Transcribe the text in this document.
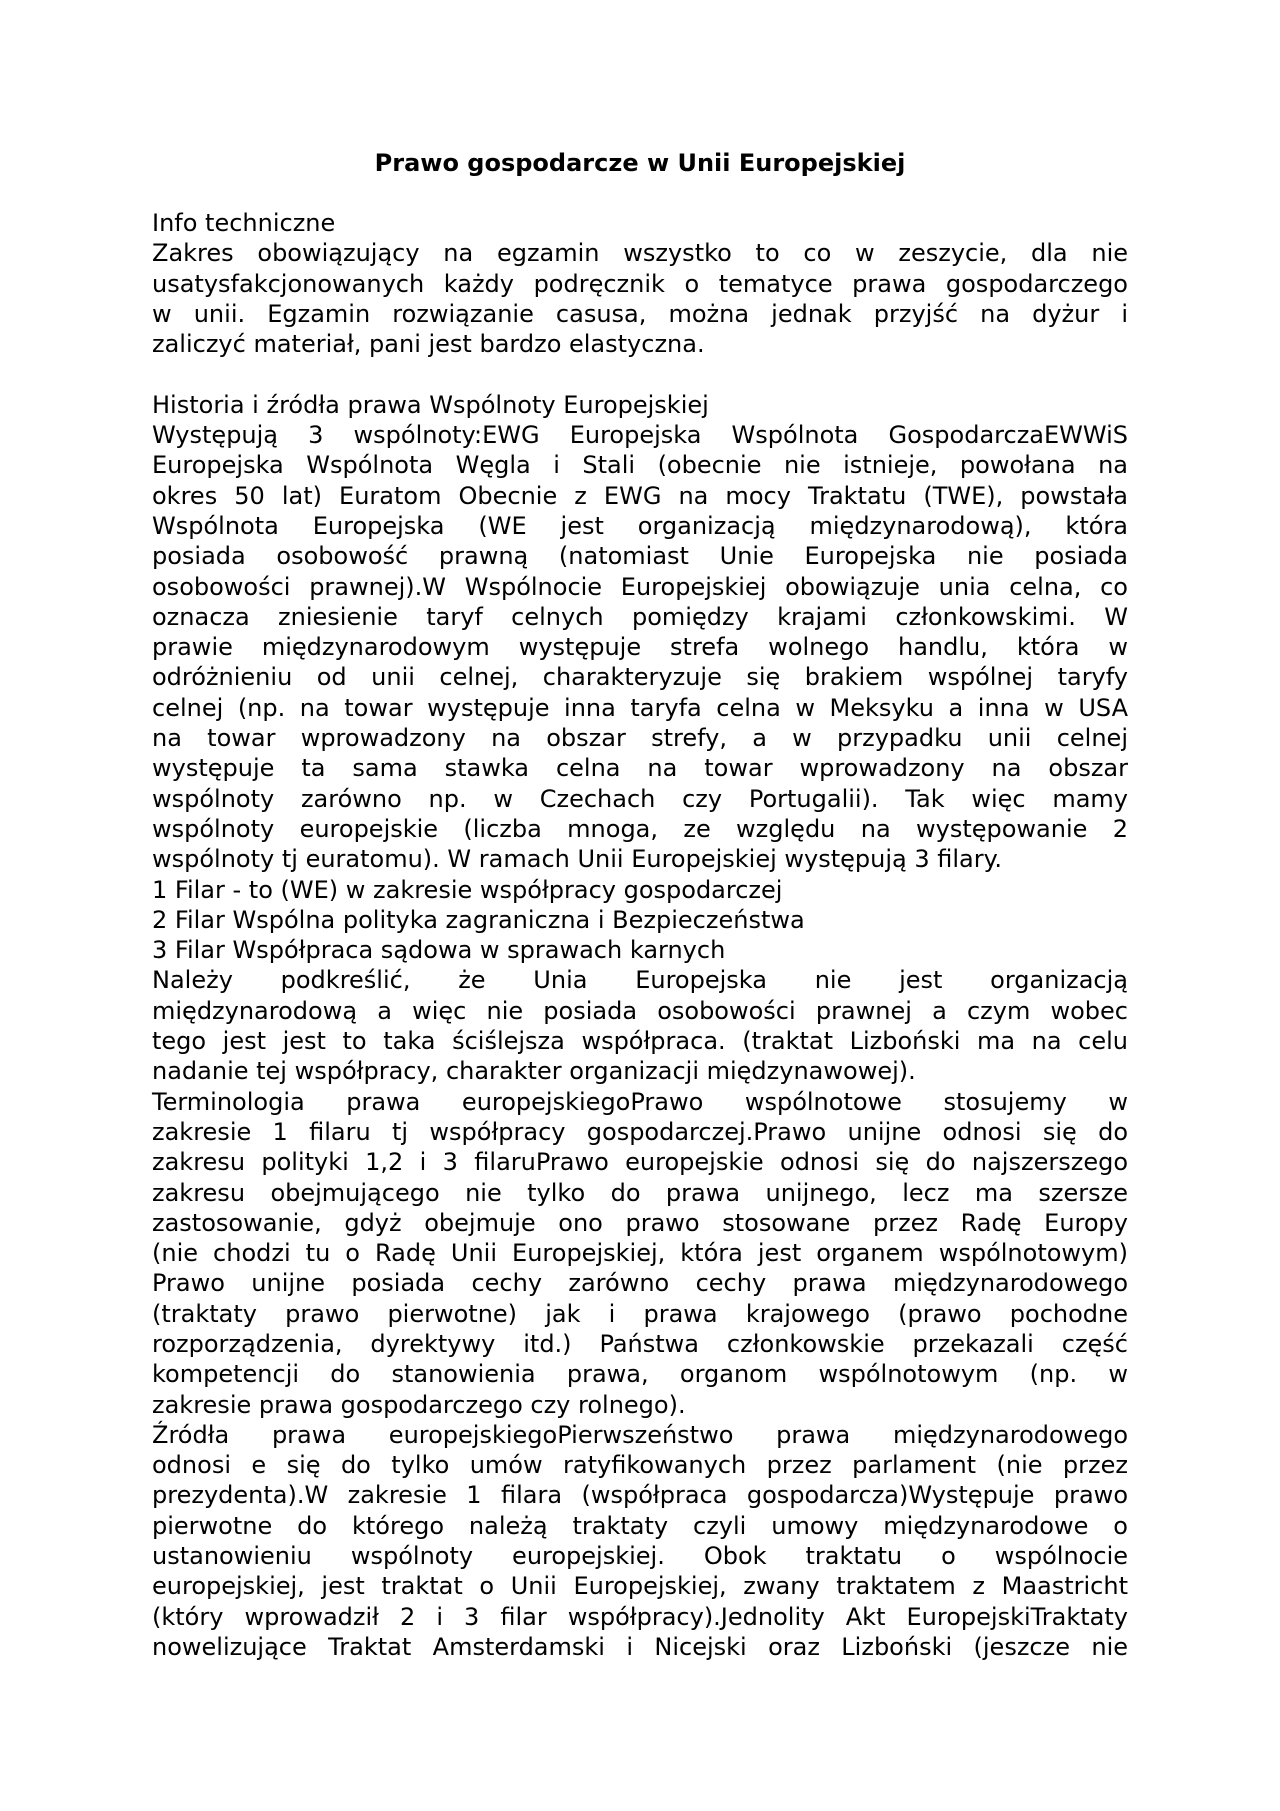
Prawo gospodarcze w Unii Europejskiej
Info techniczne
Zakres obowiązujący na egzamin wszystko to co w zeszycie, dla nie
usatysfakcjonowanych każdy podręcznik o tematyce prawa gospodarczego
w unii. Egzamin rozwiązanie casusa, można jednak przyjść na dyżur i
zaliczyć materiał, pani jest bardzo elastyczna.
Historia i źródła prawa Wspólnoty Europejskiej
Występują 3 wspólnoty:EWG Europejska Wspólnota GospodarczaEWWiS
Europejska Wspólnota Węgla i Stali (obecnie nie istnieje, powołana na
okres 50 lat) Euratom Obecnie z EWG na mocy Traktatu (TWE), powstała
Wspólnota Europejska (WE jest organizacją międzynarodową), która
posiada osobowość prawną (natomiast Unie Europejska nie posiada
osobowości prawnej).W Wspólnocie Europejskiej obowiązuje unia celna, co
oznacza zniesienie taryf celnych pomiędzy krajami członkowskimi. W
prawie międzynarodowym występuje strefa wolnego handlu, która w
odróżnieniu od unii celnej, charakteryzuje się brakiem wspólnej taryfy
celnej (np. na towar występuje inna taryfa celna w Meksyku a inna w USA
na towar wprowadzony na obszar strefy, a w przypadku unii celnej
występuje ta sama stawka celna na towar wprowadzony na obszar
wspólnoty zarówno np. w Czechach czy Portugalii). Tak więc mamy
wspólnoty europejskie (liczba mnoga, ze względu na występowanie 2
wspólnoty tj euratomu). W ramach Unii Europejskiej występują 3 filary.
1 Filar - to (WE) w zakresie współpracy gospodarczej
2 Filar Wspólna polityka zagraniczna i Bezpieczeństwa
3 Filar Współpraca sądowa w sprawach karnych
Należy podkreślić, że Unia Europejska nie jest organizacją
międzynarodową a więc nie posiada osobowości prawnej a czym wobec
tego jest jest to taka ściślejsza współpraca. (traktat Lizboński ma na celu
nadanie tej współpracy, charakter organizacji międzynawowej).
Terminologia prawa europejskiegoPrawo wspólnotowe stosujemy w
zakresie 1 filaru tj współpracy gospodarczej.Prawo unijne odnosi się do
zakresu polityki 1,2 i 3 filaruPrawo europejskie odnosi się do najszerszego
zakresu obejmującego nie tylko do prawa unijnego, lecz ma szersze
zastosowanie, gdyż obejmuje ono prawo stosowane przez Radę Europy
(nie chodzi tu o Radę Unii Europejskiej, która jest organem wspólnotowym)
Prawo unijne posiada cechy zarówno cechy prawa międzynarodowego
(traktaty prawo pierwotne) jak i prawa krajowego (prawo pochodne
rozporządzenia, dyrektywy itd.) Państwa członkowskie przekazali część
kompetencji do stanowienia prawa, organom wspólnotowym (np. w
zakresie prawa gospodarczego czy rolnego).
Źródła prawa europejskiegoPierwszeństwo prawa międzynarodowego
odnosi e się do tylko umów ratyfikowanych przez parlament (nie przez
prezydenta).W zakresie 1 filara (współpraca gospodarcza)Występuje prawo
pierwotne do którego należą traktaty czyli umowy międzynarodowe o
ustanowieniu wspólnoty europejskiej. Obok traktatu o wspólnocie
europejskiej, jest traktat o Unii Europejskiej, zwany traktatem z Maastricht
(który wprowadził 2 i 3 filar współpracy).Jednolity Akt EuropejskiTraktaty
nowelizujące Traktat Amsterdamski i Nicejski oraz Lizboński (jeszcze nie
